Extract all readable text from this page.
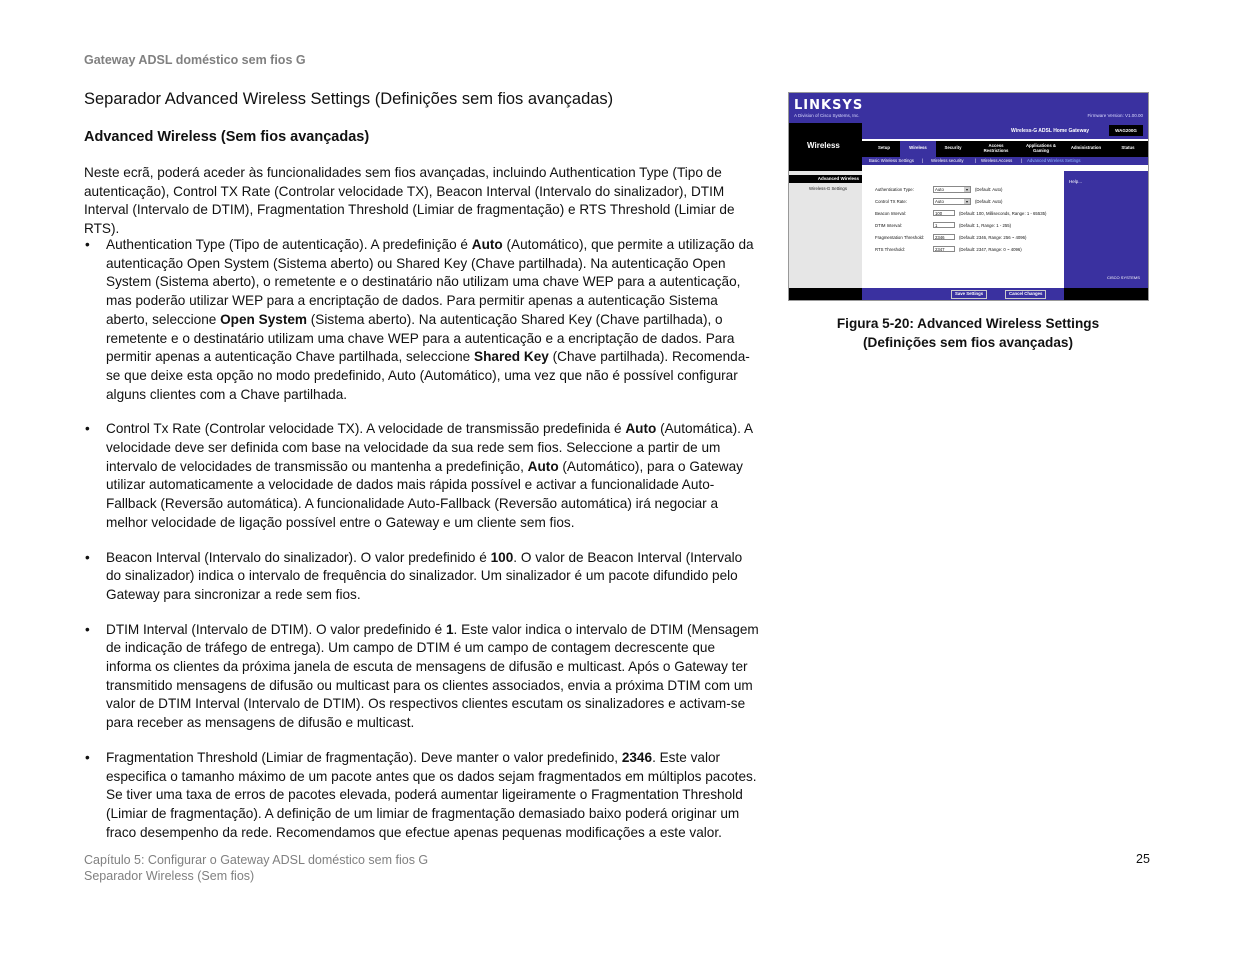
Gateway ADSL doméstico sem fios G
Separador Advanced Wireless Settings (Definições sem fios avançadas)
Advanced Wireless (Sem fios avançadas)
Neste ecrã, poderá aceder às funcionalidades sem fios avançadas, incluindo Authentication Type (Tipo de autenticação), Control TX Rate (Controlar velocidade TX), Beacon Interval (Intervalo do sinalizador), DTIM Interval (Intervalo de DTIM), Fragmentation Threshold (Limiar de fragmentação) e RTS Threshold (Limiar de RTS).
• Authentication Type (Tipo de autenticação). A predefinição é Auto (Automático), que permite a utilização da autenticação Open System (Sistema aberto) ou Shared Key (Chave partilhada). Na autenticação Open System (Sistema aberto), o remetente e o destinatário não utilizam uma chave WEP para a autenticação, mas poderão utilizar WEP para a encriptação de dados. Para permitir apenas a autenticação Sistema aberto, seleccione Open System (Sistema aberto). Na autenticação Shared Key (Chave partilhada), o remetente e o destinatário utilizam uma chave WEP para a autenticação e a encriptação de dados. Para permitir apenas a autenticação Chave partilhada, seleccione Shared Key (Chave partilhada). Recomenda-se que deixe esta opção no modo predefinido, Auto (Automático), uma vez que não é possível configurar alguns clientes com a Chave partilhada.
• Control Tx Rate (Controlar velocidade TX). A velocidade de transmissão predefinida é Auto (Automática). A velocidade deve ser definida com base na velocidade da sua rede sem fios. Seleccione a partir de um intervalo de velocidades de transmissão ou mantenha a predefinição, Auto (Automático), para o Gateway utilizar automaticamente a velocidade de dados mais rápida possível e activar a funcionalidade Auto-Fallback (Reversão automática). A funcionalidade Auto-Fallback (Reversão automática) irá negociar a melhor velocidade de ligação possível entre o Gateway e um cliente sem fios.
• Beacon Interval (Intervalo do sinalizador). O valor predefinido é 100. O valor de Beacon Interval (Intervalo do sinalizador) indica o intervalo de frequência do sinalizador. Um sinalizador é um pacote difundido pelo Gateway para sincronizar a rede sem fios.
• DTIM Interval (Intervalo de DTIM). O valor predefinido é 1. Este valor indica o intervalo de DTIM (Mensagem de indicação de tráfego de entrega). Um campo de DTIM é um campo de contagem decrescente que informa os clientes da próxima janela de escuta de mensagens de difusão e multicast. Após o Gateway ter transmitido mensagens de difusão ou multicast para os clientes associados, envia a próxima DTIM com um valor de DTIM Interval (Intervalo de DTIM). Os respectivos clientes escutam os sinalizadores e activam-se para receber as mensagens de difusão e multicast.
• Fragmentation Threshold (Limiar de fragmentação). Deve manter o valor predefinido, 2346. Este valor especifica o tamanho máximo de um pacote antes que os dados sejam fragmentados em múltiplos pacotes. Se tiver uma taxa de erros de pacotes elevada, poderá aumentar ligeiramente o Fragmentation Threshold (Limiar de fragmentação). A definição de um limiar de fragmentação demasiado baixo poderá originar um fraco desempenho da rede. Recomendamos que efectue apenas pequenas modificações a este valor.
LINKSYS
A Division of Cisco Systems, Inc.	Firmware Version: V1.00.00
Wireless
Wireless-G ADSL Home Gateway	WAG200G
Setup	Wireless	Security	Access Restrictions
Applications & Gaming
Administration	Status
Basic Wireless Settings | Wireless security	| Wireless Access | Advanced Wireless Settings
Advanced Wireless
Wireless-G Settings
Help...
CISCO SYSTEMS
Authentication Type:	Auto	▾	(Default: Auto)
Control TX Rate:	Auto	▾	(Default: Auto)
Beacon Interval:	100	(Default: 100, Milliseconds, Range: 1 - 65535)
DTIM Interval:	1	(Default: 1, Range: 1 - 255)
Fragmentation Threshold:	2346	(Default: 2346, Range: 256 ~ 4096)
RTS Threshold:	2347	(Default: 2347, Range: 0 ~ 4096)
Save Settings	Cancel Changes
Figura 5-20: Advanced Wireless Settings
(Definições sem fios avançadas)
Capítulo 5: Configurar o Gateway ADSL doméstico sem fios G
Separador Wireless (Sem fios)
25
